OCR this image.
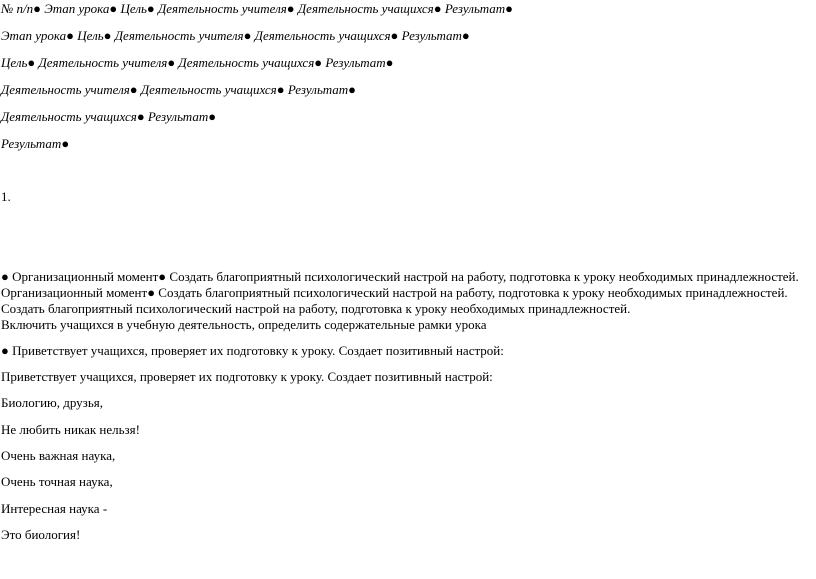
№ п/п● Этап урока● Цель● Деятельность учителя● Деятельность учащихся● Результат●
Этап урока● Цель● Деятельность учителя● Деятельность учащихся● Результат●
Цель● Деятельность учителя● Деятельность учащихся● Результат●
Деятельность учителя● Деятельность учащихся● Результат●
Деятельность учащихся● Результат●
Результат●
1.
● Организационный момент● Создать благоприятный психологический настрой на работу, подготовка к уроку необходимых принадлежностей.
Организационный момент● Создать благоприятный психологический настрой на работу, подготовка к уроку необходимых принадлежностей.
Создать благоприятный психологический настрой на работу, подготовка к уроку необходимых принадлежностей.
Включить учащихся в учебную деятельность, определить содержательные рамки урока
● Приветствует учащихся, проверяет их подготовку к уроку. Создает позитивный настрой:
Приветствует учащихся, проверяет их подготовку к уроку. Создает позитивный настрой:
Биологию, друзья,
Не любить никак нельзя!
Очень важная наука,
Очень точная наука,
Интересная наука -
Это биология!
